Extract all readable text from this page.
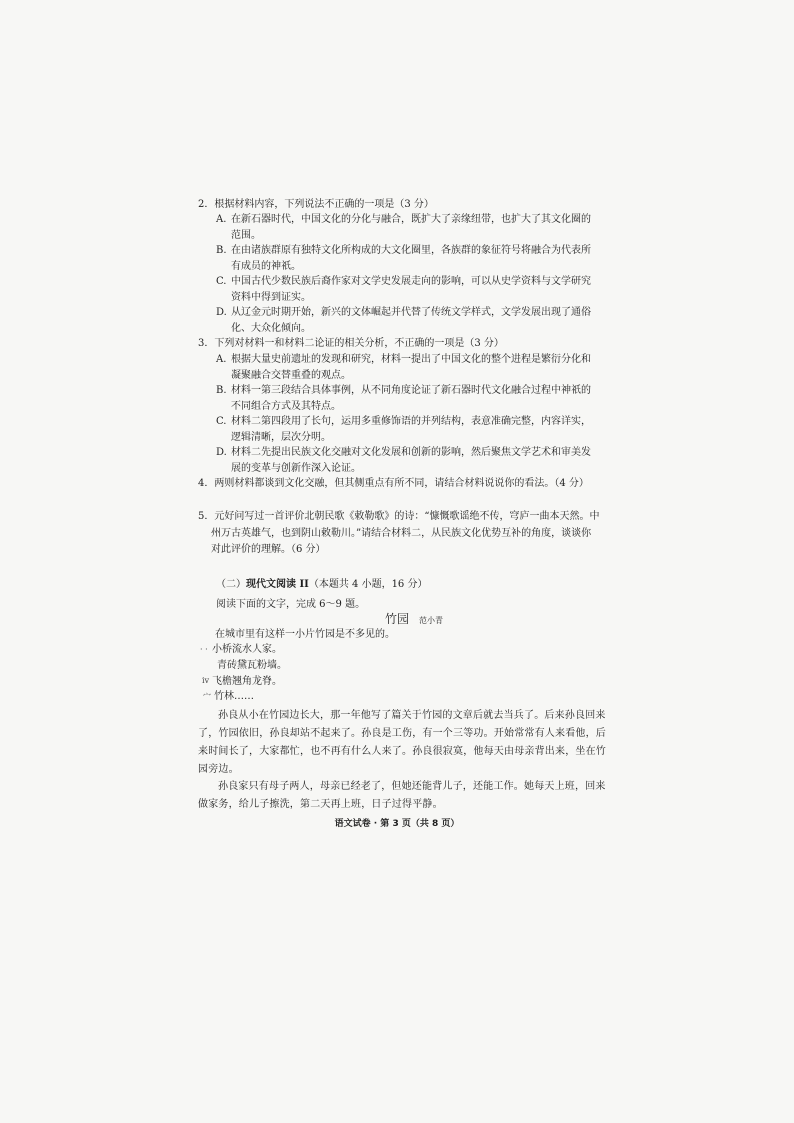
2．根据材料内容，下列说法不正确的一项是（3 分）
A. 在新石器时代，中国文化的分化与融合，既扩大了亲缘纽带，也扩大了其文化圈的
范围。
B. 在由诸族群原有独特文化所构成的大文化圈里，各族群的象征符号将融合为代表所
有成员的神祇。
C. 中国古代少数民族后裔作家对文学史发展走向的影响，可以从史学资料与文学研究
资料中得到证实。
D. 从辽金元时期开始，新兴的文体崛起并代替了传统文学样式，文学发展出现了通俗
化、大众化倾向。
3．下列对材料一和材料二论证的相关分析，不正确的一项是（3 分）
A. 根据大量史前遗址的发现和研究，材料一提出了中国文化的整个进程是繁衍分化和
凝聚融合交替重叠的观点。
B. 材料一第三段结合具体事例，从不同角度论证了新石器时代文化融合过程中神祇的
不同组合方式及其特点。
C. 材料二第四段用了长句，运用多重修饰语的并列结构，表意准确完整，内容详实，
逻辑清晰，层次分明。
D. 材料二先提出民族文化交融对文化发展和创新的影响，然后聚焦文学艺术和审美发
展的变革与创新作深入论证。
4．两则材料都谈到文化交融，但其侧重点有所不同，请结合材料说说你的看法。（4 分）
5．元好问写过一首评价北朝民歌《敕勒歌》的诗：“慷慨歌谣绝不传，穹庐一曲本天然。中
州万古英雄气，也到阴山敕勒川。”请结合材料二，从民族文化优势互补的角度，谈谈你
对此评价的理解。（6 分）
（二）现代文阅读 II（本题共 4 小题，16 分）
阅读下面的文字，完成 6～9 题。
竹园 范小青
在城市里有这样一小片竹园是不多见的。
· · 小桥流水人家。
青砖黛瓦粉墙。
ⅳ 飞檐翘角龙脊。
宀 竹林……
孙良从小在竹园边长大，那一年他写了篇关于竹园的文章后就去当兵了。后来孙良回来
了，竹园依旧，孙良却站不起来了。孙良是工伤，有一个三等功。开始常常有人来看他，后
来时间长了，大家都忙，也不再有什么人来了。孙良很寂寞，他每天由母亲背出来，坐在竹
园旁边。
孙良家只有母子两人，母亲已经老了，但她还能背儿子，还能工作。她每天上班，回来
做家务，给儿子擦洗，第二天再上班，日子过得平静。
语文试卷 · 第 3 页（共 8 页）
